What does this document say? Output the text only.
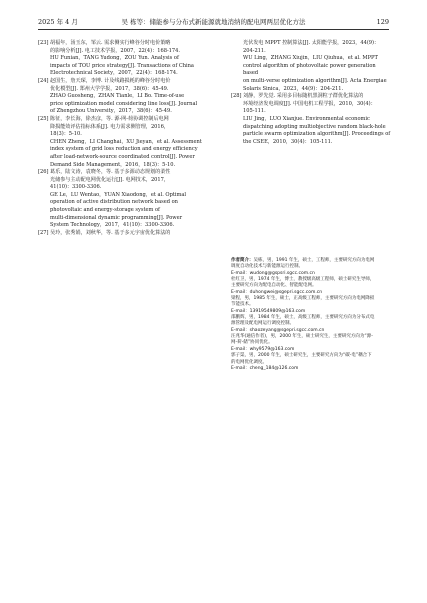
2025 年 4 月	吴 栋等：储能参与分布式新能源就地消纳的配电网两层优化方法	129
[23] 胡福年，汤玉东，邹云. 需求侧实行峰谷分时电价策略

的影响分析[J]. 电工技术学报，2007，22(4)：168-174.

HU Funian，TANG Yudong，ZOU Yun. Analysis of

impacts of TOU price strategy[J]. Transactions of China

Electrotechnical Society，2007，22(4)：168-174.

[24] 赵国生，詹天琛，李博. 计及线路损耗的峰谷分时电价

优化模型[J]. 郑州大学学报，2017，38(6)：45-49.

ZHAO Guosheng，ZHAN Tianle，LI Bo. Time-of-use

price optimization model considering line loss[J]. Journal

of Zhengzhou University，2017，38(6)：45-49.

[25] 陈征，李长海，徐杰彦，等. 源-网-荷协调控制后电网

降损能效评估指标体系[J]. 电力需求侧管理，2016，

18(3)：5-10.

CHEN Zheng，LI Changhai，XU Jieyan，et al. Assessment

index system of grid loss reduction and energy efficiency

after load-network-source coordinated control[J]. Power

Demand Side Management，2016，18(3)：5-10.

[26] 葛乐，陆文涛，袁晓冬，等. 基于多源动态规划的柔性

光储参与主动配电网优化运行[J]. 电网技术，2017，

41(10)：3300-3306.

GE Le，LU Wentao，YUAN Xiaodong，et al. Optimal

operation of active distribution network based on

photovoltaic and energy-storage system of

multi-dimensional dynamic programming[J]. Power

System Technology，2017，41(10)：3300-3306.

[27] 吴玲，张秀娟，刘秋华，等. 基于多元宇宙优化算法的

光伏发电 MPPT 控制算法[J]. 太阳能学报，2023，44(9)：

204-211.

WU Ling，ZHANG Xiujin，LIU Qiuhua，et al. MPPT

control algorithm of photovoltaic power generation based

on multi-verse optimization algorithm[J]. Acta Energiae

Solaris Sinica，2023，44(9)：204-211.

[28] 刘静，罗先觉. 采用多目标随机黑洞粒子群优化算法的

环境经济发电调度[J]. 中国电机工程学报，2010，30(4)：

105-111.

LIU Jing，LUO Xianjue. Environmental economic

dispatching adopting multiobjective random black-hole

particle swarm optimization algorithm[J]. Proceedings of

the CSEE，2010，30(4)：105-111.

作者简介：吴栋，男，1991 年生，硕士，工程师，主要研究方向为电网

调度自动化技术与新能源运行控制。

E-mail：wudong@gspsri.sgcc.com.cn

杜红卫，男，1974 年生，博士，教授级高级工程师，硕士研究生导师，

主要研究方向为配电自动化、智能配电网。

E-mail：duhongwei@sgepri.sgcc.com.cn

梁程，男，1985 年生，硕士，正高级工程师，主要研究方向为电网降损

节能技术。

E-mail：13919549809@163.com

邵鹏辉，男，1984 年生，硕士，高级工程师，主要研究方向为分布式电

源管理及配电网运行调度控制。

E-mail：shaozeyang@sgepri.sgcc.com.cn

汪兆华(通信作者)，男，2000 年生，硕士研究生，主要研究方向为“源-

网-荷-储”协同优化。

E-mail：why9579@163.com

郭子渠，男，2000 年生，硕士研究生，主要研究方向为“碳-电”耦合下

的电网优化调度。

E-mail：cheng_184@126.com
